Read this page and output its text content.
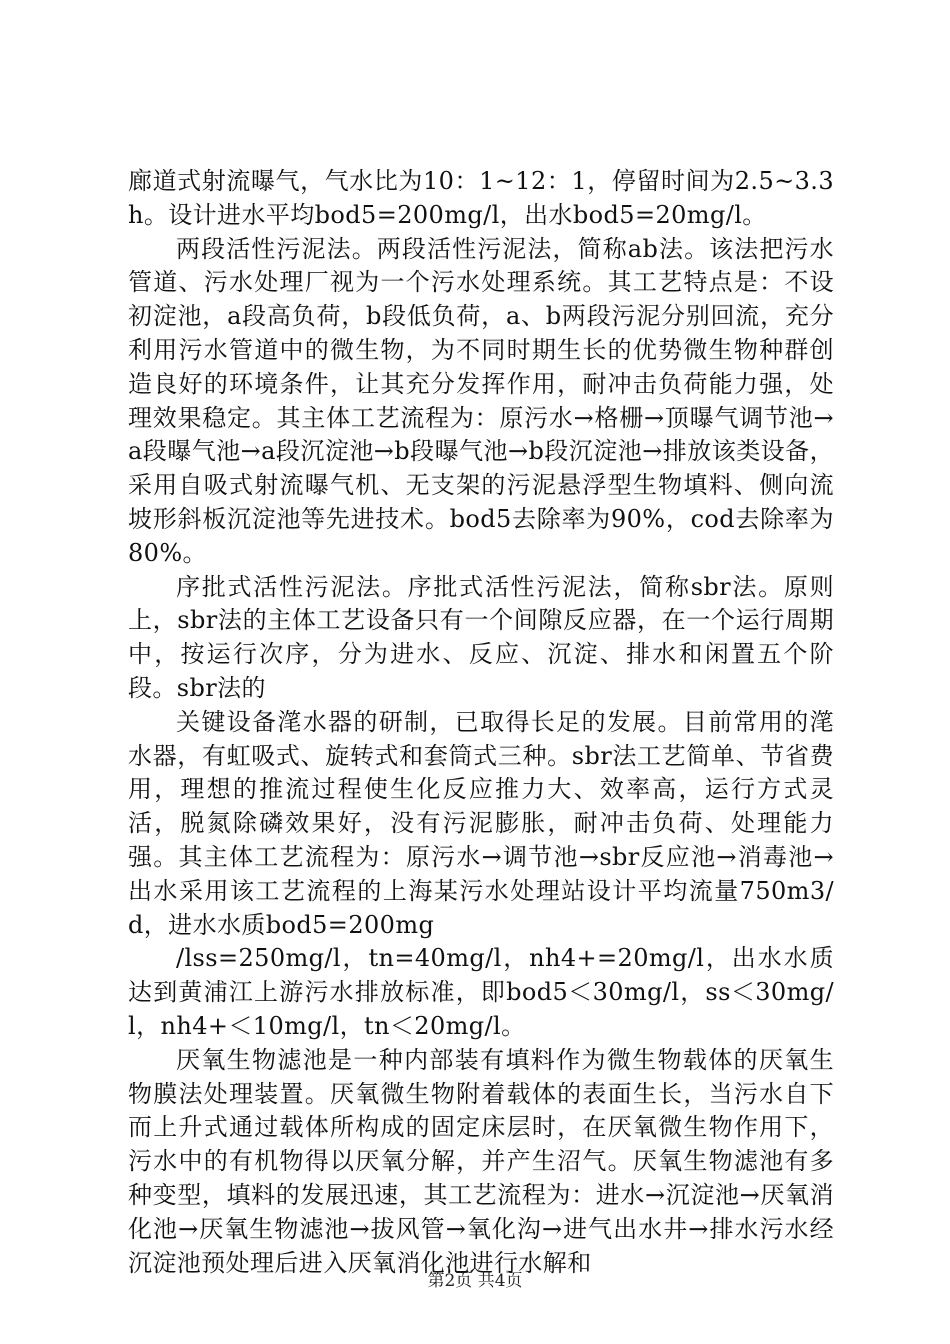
廊道式射流曝气，气水比为10：1~12：1，停留时间为2.5~3.3h。设计进水平均bod5=200mg/l，出水bod5=20mg/l。

两段活性污泥法。两段活性污泥法，简称ab法。该法把污水管道、污水处理厂视为一个污水处理系统。其工艺特点是：不设初淀池，a段高负荷，b段低负荷，a、b两段污泥分别回流，充分利用污水管道中的微生物，为不同时期生长的优势微生物种群创造良好的环境条件，让其充分发挥作用，耐冲击负荷能力强，处理效果稳定。其主体工艺流程为：原污水→格栅→顶曝气调节池→a段曝气池→a段沉淀池→b段曝气池→b段沉淀池→排放该类设备，采用自吸式射流曝气机、无支架的污泥悬浮型生物填料、侧向流坡形斜板沉淀池等先进技术。bod5去除率为90%，cod去除率为80%。

序批式活性污泥法。序批式活性污泥法，简称sbr法。原则上，sbr法的主体工艺设备只有一个间隙反应器，在一个运行周期中，按运行次序，分为进水、反应、沉淀、排水和闲置五个阶段。sbr法的

关键设备滗水器的研制，已取得长足的发展。目前常用的滗水器，有虹吸式、旋转式和套筒式三种。sbr法工艺简单、节省费用，理想的推流过程使生化反应推力大、效率高，运行方式灵活，脱氮除磷效果好，没有污泥膨胀，耐冲击负荷、处理能力强。其主体工艺流程为：原污水→调节池→sbr反应池→消毒池→出水采用该工艺流程的上海某污水处理站设计平均流量750m3/d，进水水质bod5=200mg

/lss=250mg/l，tn=40mg/l，nh4+=20mg/l，出水水质达到黄浦江上游污水排放标准，即bod5＜30mg/l，ss＜30mg/l，nh4+＜10mg/l，tn＜20mg/l。

厌氧生物滤池是一种内部装有填料作为微生物载体的厌氧生物膜法处理装置。厌氧微生物附着载体的表面生长，当污水自下而上升式通过载体所构成的固定床层时，在厌氧微生物作用下，污水中的有机物得以厌氧分解，并产生沼气。厌氧生物滤池有多种变型，填料的发展迅速，其工艺流程为：进水→沉淀池→厌氧消化池→厌氧生物滤池→拔风管→氧化沟→进气出水井→排水污水经沉淀池预处理后进入厌氧消化池进行水解和

第2页 共4页
